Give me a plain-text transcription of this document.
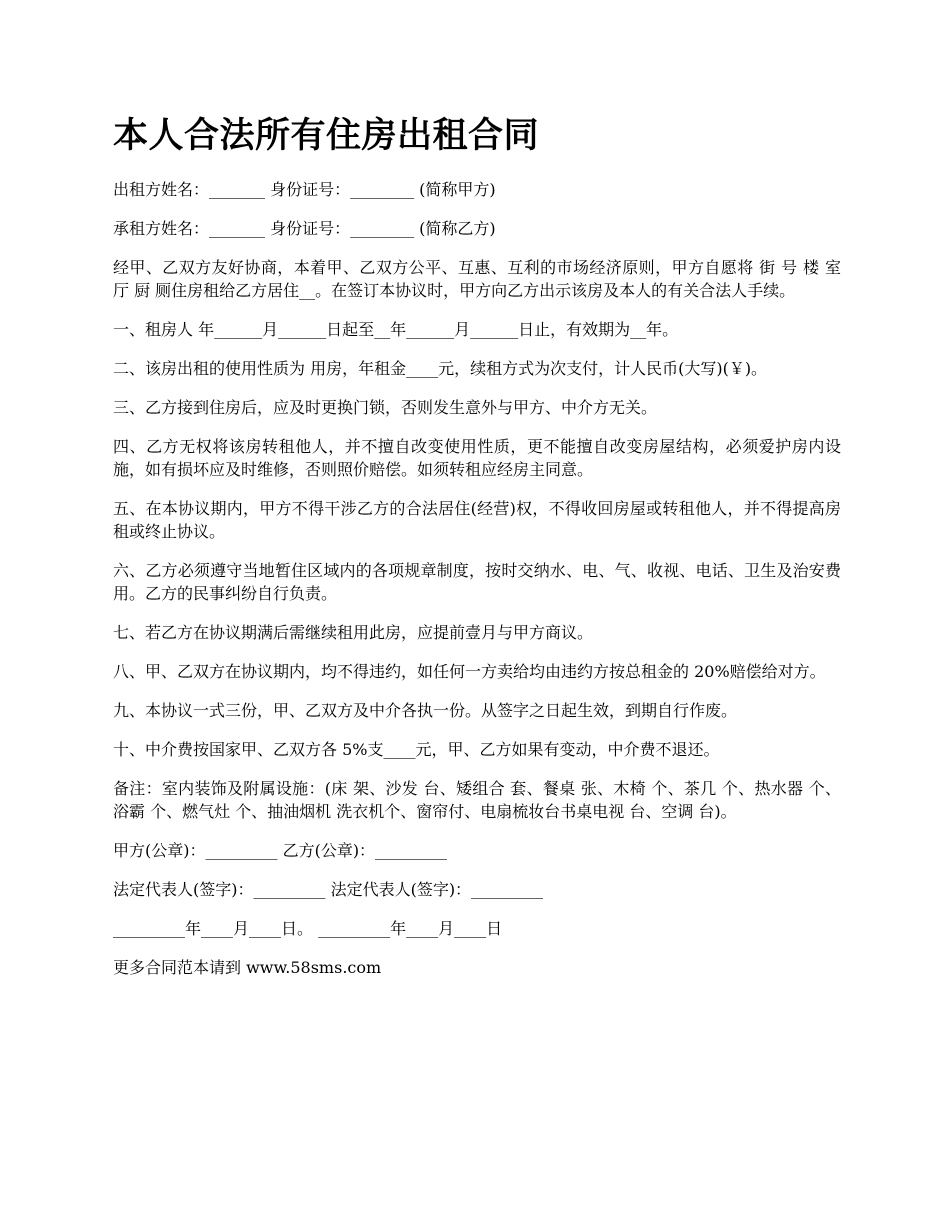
本人合法所有住房出租合同

出租方姓名：_______ 身份证号：________ (简称甲方)

承租方姓名：_______ 身份证号：________ (简称乙方)

经甲、乙双方友好协商，本着甲、乙双方公平、互惠、互利的市场经济原则，甲方自愿将 街 号 楼 室 厅 厨 厕住房租给乙方居住__。在签订本协议时，甲方向乙方出示该房及本人的有关合法人手续。

一、租房人 年______月______日起至__年______月______日止，有效期为__年。

二、该房出租的使用性质为 用房，年租金____元，续租方式为次支付，计人民币(大写)(￥)。

三、乙方接到住房后，应及时更换门锁，否则发生意外与甲方、中介方无关。

四、乙方无权将该房转租他人，并不擅自改变使用性质，更不能擅自改变房屋结构，必须爱护房内设施，如有损坏应及时维修，否则照价赔偿。如须转租应经房主同意。

五、在本协议期内，甲方不得干涉乙方的合法居住(经营)权，不得收回房屋或转租他人，并不得提高房租或终止协议。

六、乙方必须遵守当地暂住区域内的各项规章制度，按时交纳水、电、气、收视、电话、卫生及治安费用。乙方的民事纠纷自行负责。

七、若乙方在协议期满后需继续租用此房，应提前壹月与甲方商议。

八、甲、乙双方在协议期内，均不得违约，如任何一方卖给均由违约方按总租金的 20%赔偿给对方。

九、本协议一式三份，甲、乙双方及中介各执一份。从签字之日起生效，到期自行作废。

十、中介费按国家甲、乙双方各 5%支____元，甲、乙方如果有变动，中介费不退还。

备注：室内装饰及附属设施：(床 架、沙发 台、矮组合 套、餐桌 张、木椅 个、茶几 个、热水器 个、浴霸 个、燃气灶 个、抽油烟机 洗衣机个、窗帘付、电扇梳妆台书桌电视 台、空调 台)。

甲方(公章)：_________ 乙方(公章)：_________

法定代表人(签字)：_________ 法定代表人(签字)：_________

_________年____月____日。 _________年____月____日

更多合同范本请到 www.58sms.com
